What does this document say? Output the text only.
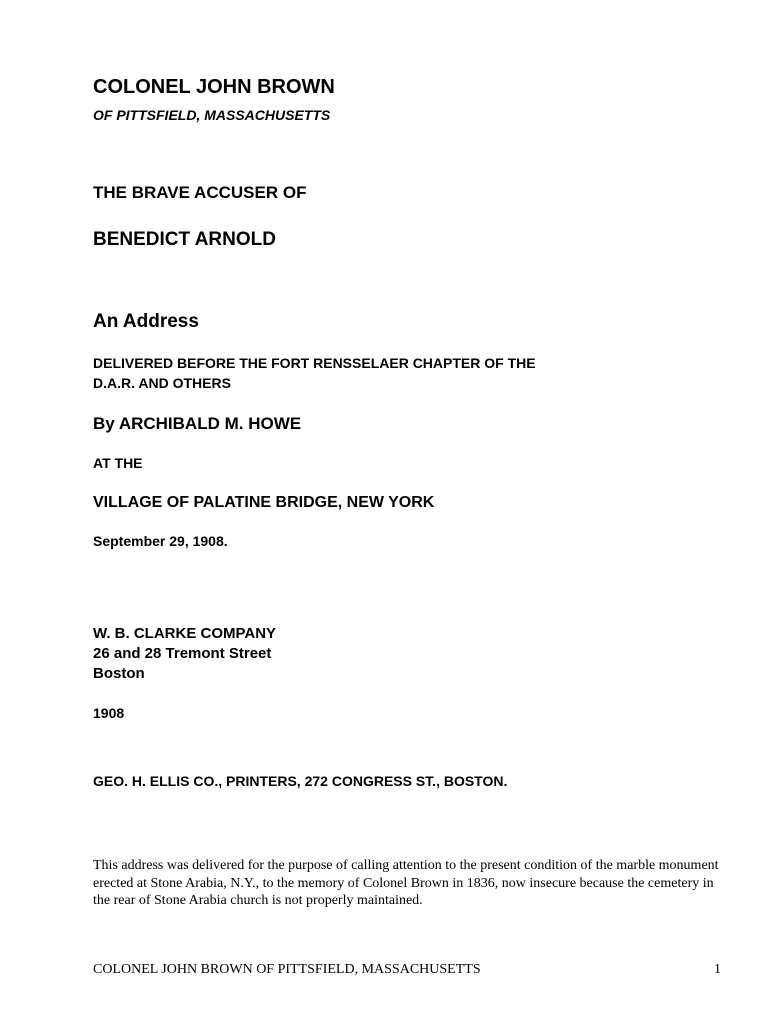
COLONEL JOHN BROWN
OF PITTSFIELD, MASSACHUSETTS
THE BRAVE ACCUSER OF
BENEDICT ARNOLD
An Address
DELIVERED BEFORE THE FORT RENSSELAER CHAPTER OF THE
D.A.R. AND OTHERS
By ARCHIBALD M. HOWE
AT THE
VILLAGE OF PALATINE BRIDGE, NEW YORK
September 29, 1908.
W. B. CLARKE COMPANY
26 and 28 Tremont Street
Boston
1908
GEO. H. ELLIS CO., PRINTERS, 272 CONGRESS ST., BOSTON.

This address was delivered for the purpose of calling attention to the present condition of the marble monument erected at Stone Arabia, N.Y., to the memory of Colonel Brown in 1836, now insecure because the cemetery in the rear of Stone Arabia church is not properly maintained.

COLONEL JOHN BROWN OF PITTSFIELD, MASSACHUSETTS	1
